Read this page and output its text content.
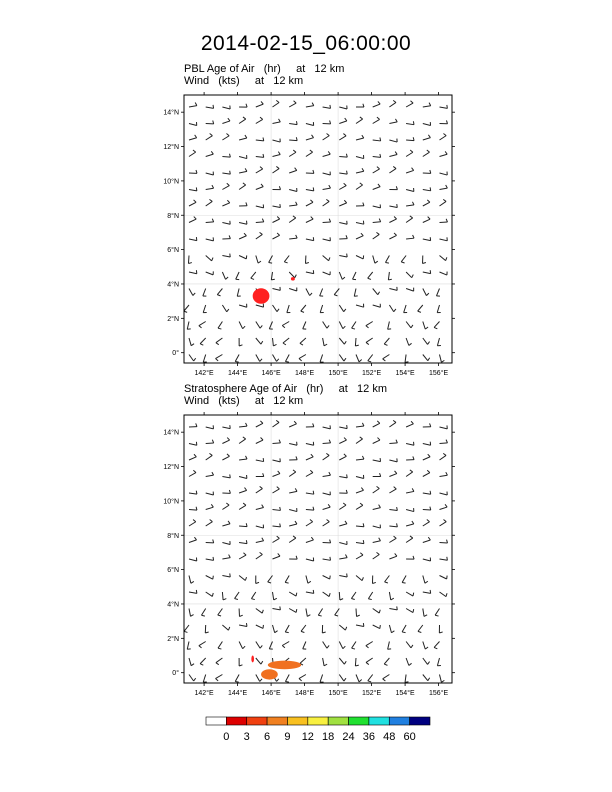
2014-02-15_06:00:00
PBL Age of Air   (hr)     at   12 km
Wind   (kts)     at   12 km
Stratosphere Age of Air   (hr)     at   12 km
Wind   (kts)     at   12 km
142°E 144°E 146°E 148°E 150°E 152°E 154°E 156°E
0°
2°N
4°N
6°N
8°N
10°N
12°N
14°N
142°E 144°E 146°E 148°E 150°E 152°E 154°E 156°E
0°
2°N
4°N
6°N
8°N
10°N
12°N
14°N
0 3 6 9 12 18 24 36 48 60
